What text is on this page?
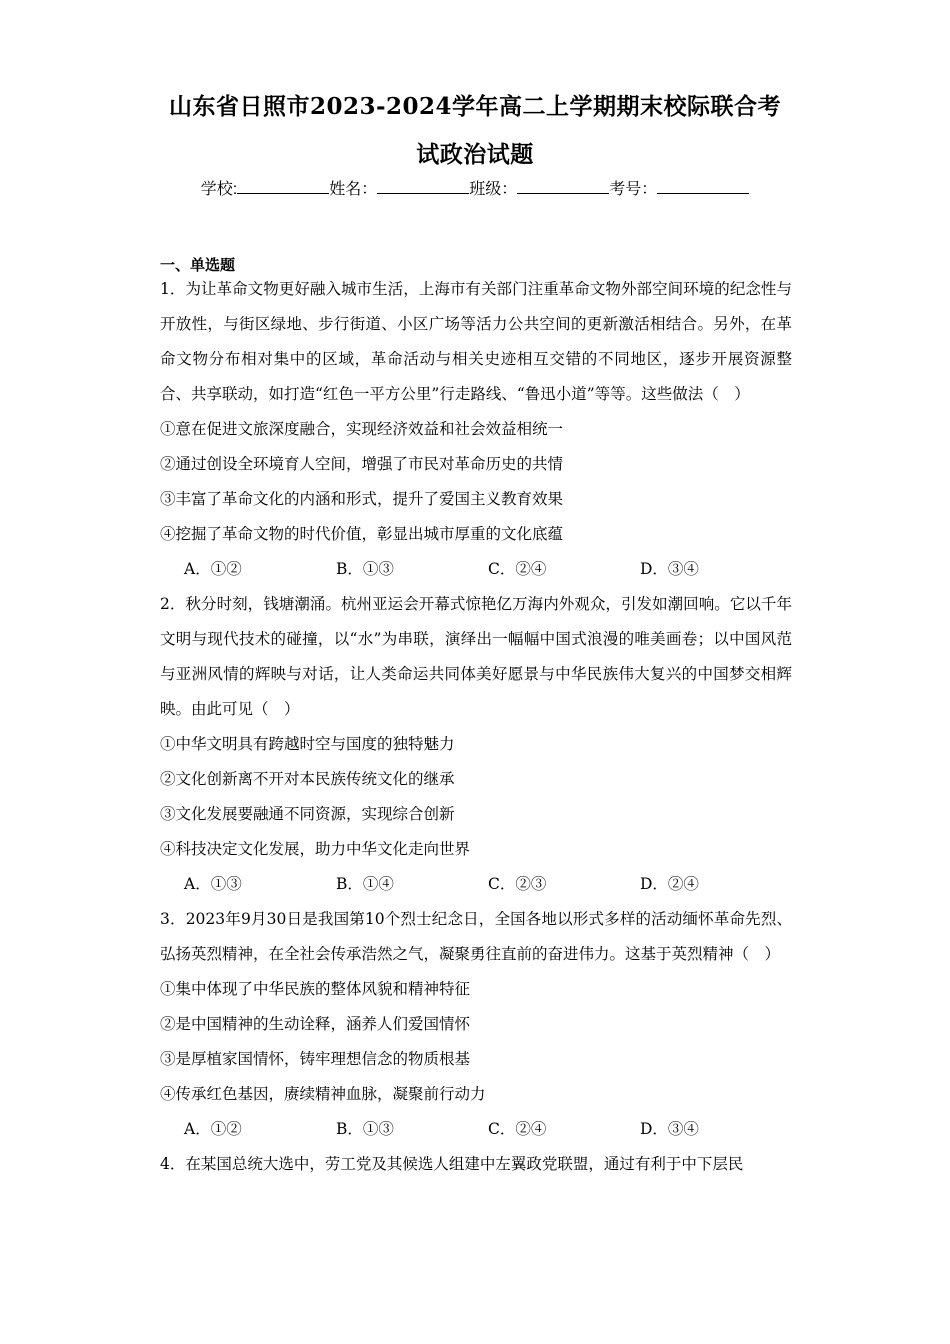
山东省日照市2023-2024学年高二上学期期末校际联合考
试政治试题
学校:	姓名：	班级：	考号：
一、单选题

1．为让革命文物更好融入城市生活，上海市有关部门注重革命文物外部空间环境的纪念性与开放性，与街区绿地、步行街道、小区广场等活力公共空间的更新激活相结合。另外，在革命文物分布相对集中的区域，革命活动与相关史迹相互交错的不同地区，逐步开展资源整合、共享联动，如打造“红色一平方公里”行走路线、“鲁迅小道”等等。这些做法（　）

①意在促进文旅深度融合，实现经济效益和社会效益相统一

②通过创设全环境育人空间，增强了市民对革命历史的共情

③丰富了革命文化的内涵和形式，提升了爱国主义教育效果

④挖掘了革命文物的时代价值，彰显出城市厚重的文化底蕴

A．①②	B．①③	C．②④	D．③④

2．秋分时刻，钱塘潮涌。杭州亚运会开幕式惊艳亿万海内外观众，引发如潮回响。它以千年文明与现代技术的碰撞，以“水”为串联，演绎出一幅幅中国式浪漫的唯美画卷；以中国风范与亚洲风情的辉映与对话，让人类命运共同体美好愿景与中华民族伟大复兴的中国梦交相辉映。由此可见（　）

①中华文明具有跨越时空与国度的独特魅力

②文化创新离不开对本民族传统文化的继承

③文化发展要融通不同资源，实现综合创新

④科技决定文化发展，助力中华文化走向世界

A．①③	B．①④	C．②③	D．②④

3．2023年9月30日是我国第10个烈士纪念日，全国各地以形式多样的活动缅怀革命先烈、弘扬英烈精神，在全社会传承浩然之气，凝聚勇往直前的奋进伟力。这基于英烈精神（　）

①集中体现了中华民族的整体风貌和精神特征

②是中国精神的生动诠释，涵养人们爱国情怀

③是厚植家国情怀，铸牢理想信念的物质根基

④传承红色基因，赓续精神血脉，凝聚前行动力

A．①②	B．①③	C．②④	D．③④

4．在某国总统大选中，劳工党及其候选人组建中左翼政党联盟，通过有利于中下层民
